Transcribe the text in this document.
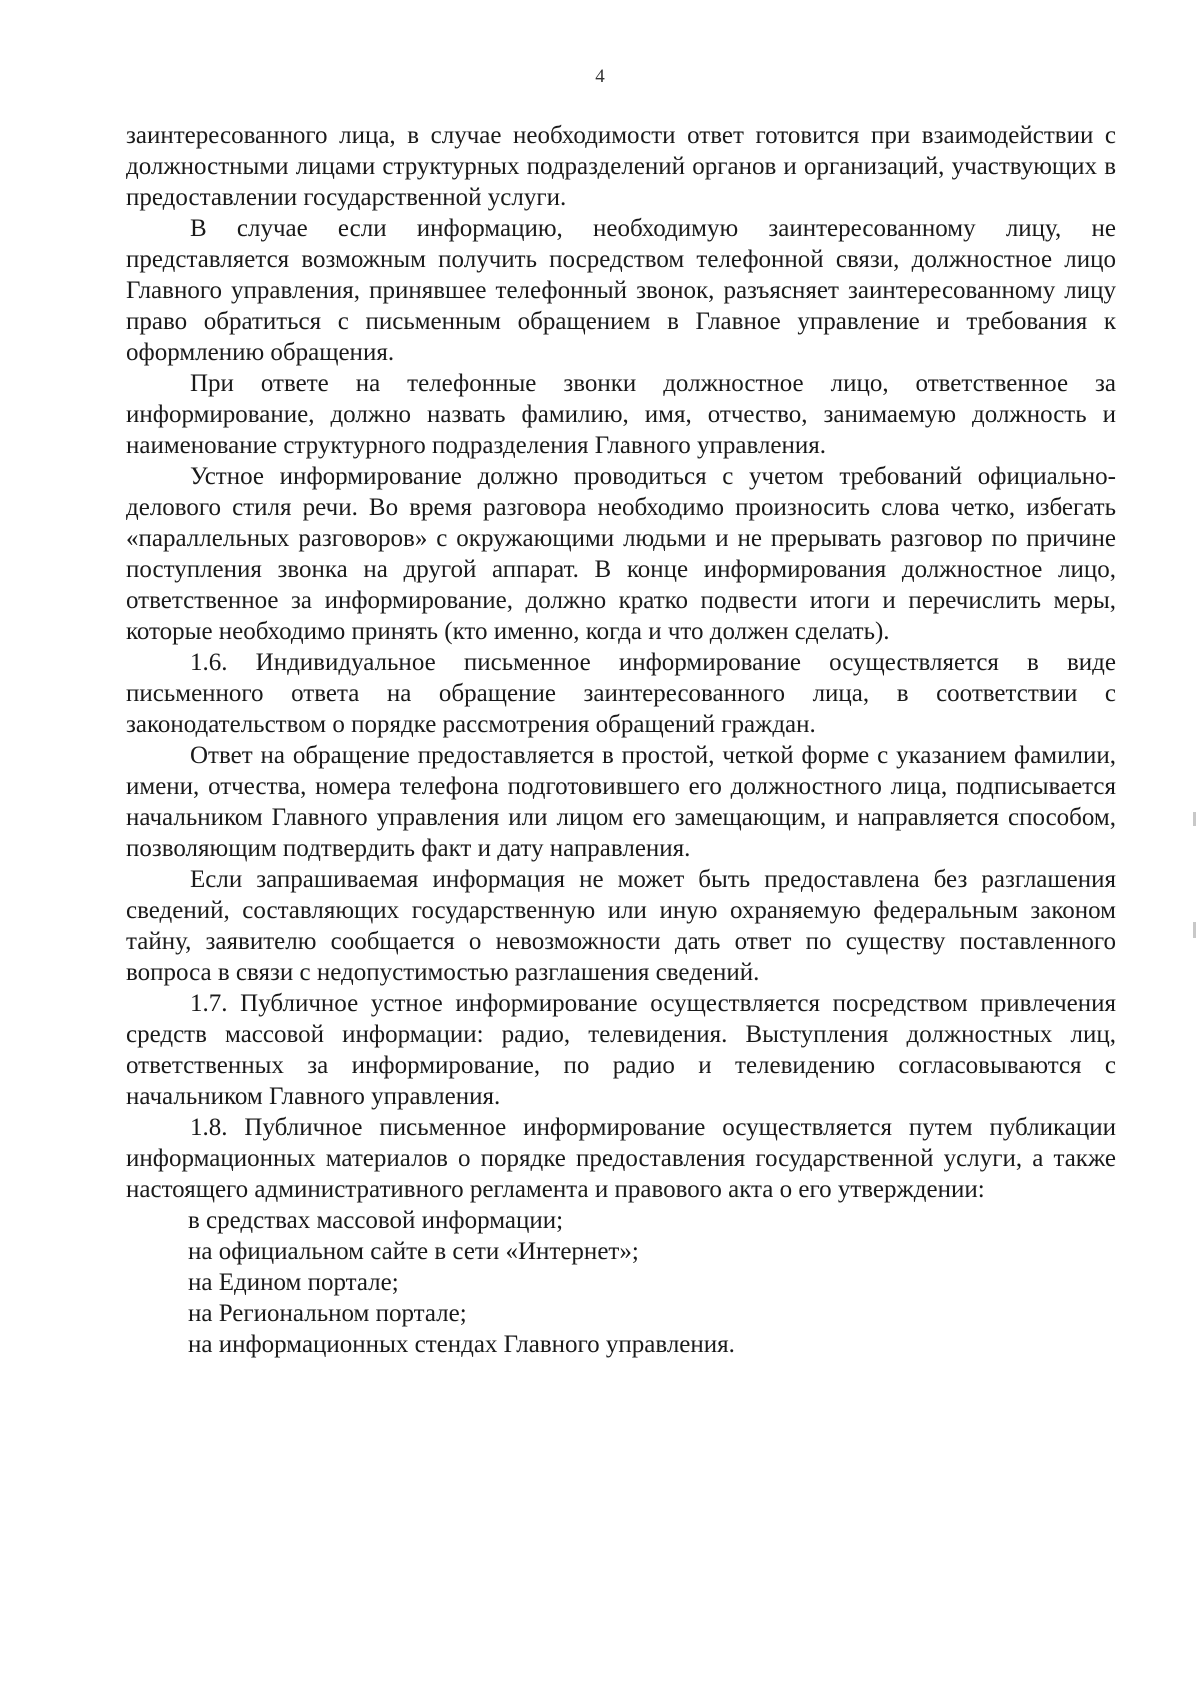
4

заинтересованного лица, в случае необходимости ответ готовится при взаимодействии с должностными лицами структурных подразделений органов и организаций, участвующих в предоставлении государственной услуги.

В случае если информацию, необходимую заинтересованному лицу, не представляется возможным получить посредством телефонной связи, должностное лицо Главного управления, принявшее телефонный звонок, разъясняет заинтересованному лицу право обратиться с письменным обращением в Главное управление и требования к оформлению обращения.

При ответе на телефонные звонки должностное лицо, ответственное за информирование, должно назвать фамилию, имя, отчество, занимаемую должность и наименование структурного подразделения Главного управления.

Устное информирование должно проводиться с учетом требований официально-делового стиля речи. Во время разговора необходимо произносить слова четко, избегать «параллельных разговоров» с окружающими людьми и не прерывать разговор по причине поступления звонка на другой аппарат. В конце информирования должностное лицо, ответственное за информирование, должно кратко подвести итоги и перечислить меры, которые необходимо принять (кто именно, когда и что должен сделать).

1.6. Индивидуальное письменное информирование осуществляется в виде письменного ответа на обращение заинтересованного лица, в соответствии с законодательством о порядке рассмотрения обращений граждан.

Ответ на обращение предоставляется в простой, четкой форме с указанием фамилии, имени, отчества, номера телефона подготовившего его должностного лица, подписывается начальником Главного управления или лицом его замещающим, и направляется способом, позволяющим подтвердить факт и дату направления.

Если запрашиваемая информация не может быть предоставлена без разглашения сведений, составляющих государственную или иную охраняемую федеральным законом тайну, заявителю сообщается о невозможности дать ответ по существу поставленного вопроса в связи с недопустимостью разглашения сведений.

1.7. Публичное устное информирование осуществляется посредством привлечения средств массовой информации: радио, телевидения. Выступления должностных лиц, ответственных за информирование, по радио и телевидению согласовываются с начальником Главного управления.

1.8. Публичное письменное информирование осуществляется путем публикации информационных материалов о порядке предоставления государственной услуги, а также настоящего административного регламента и правового акта о его утверждении:

в средствах массовой информации;
на официальном сайте в сети «Интернет»;
на Едином портале;
на Региональном портале;
на информационных стендах Главного управления.
